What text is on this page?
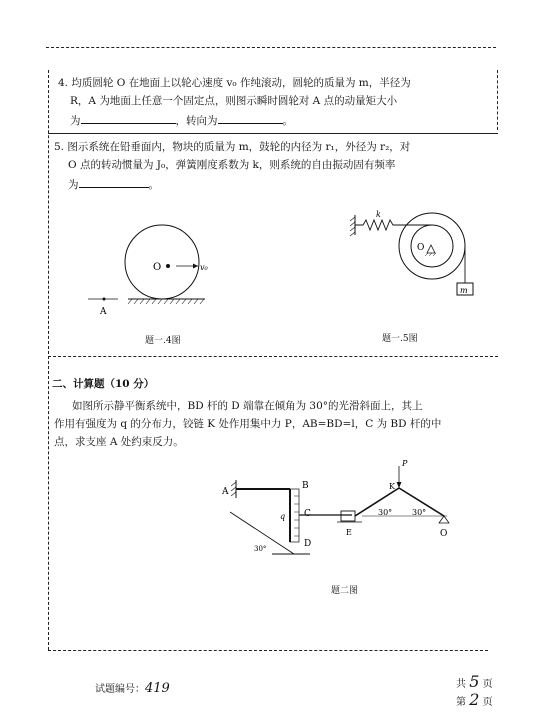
4. 均质圆轮 O 在地面上以轮心速度 v₀ 作纯滚动，圆轮的质量为 m，半径为
R，A 为地面上任意一个固定点，则图示瞬时圆轮对 A 点的动量矩大小
为	，转向为	。
5. 图示系统在铅垂面内，物块的质量为 m，鼓轮的内径为 r₁，外径为 r₂，对
O 点的转动惯量为 J₀，弹簧刚度系数为 k，则系统的自由振动固有频率
为	。
O	v₀
A
题一.4图
k
O
m
题一.5图
二、计算题（10 分）
如图所示静平衡系统中，BD 杆的 D 端靠在倾角为 30°的光滑斜面上，其上
作用有强度为 q 的分布力，铰链 K 处作用集中力 P，AB=BD=l，C 为 BD 杆的中
点，求支座 A 处约束反力。
A
B
q C
D
30°
E
P
K
30° 30°
O
题二图
试题编号：419	共 5 页
第 2 页
